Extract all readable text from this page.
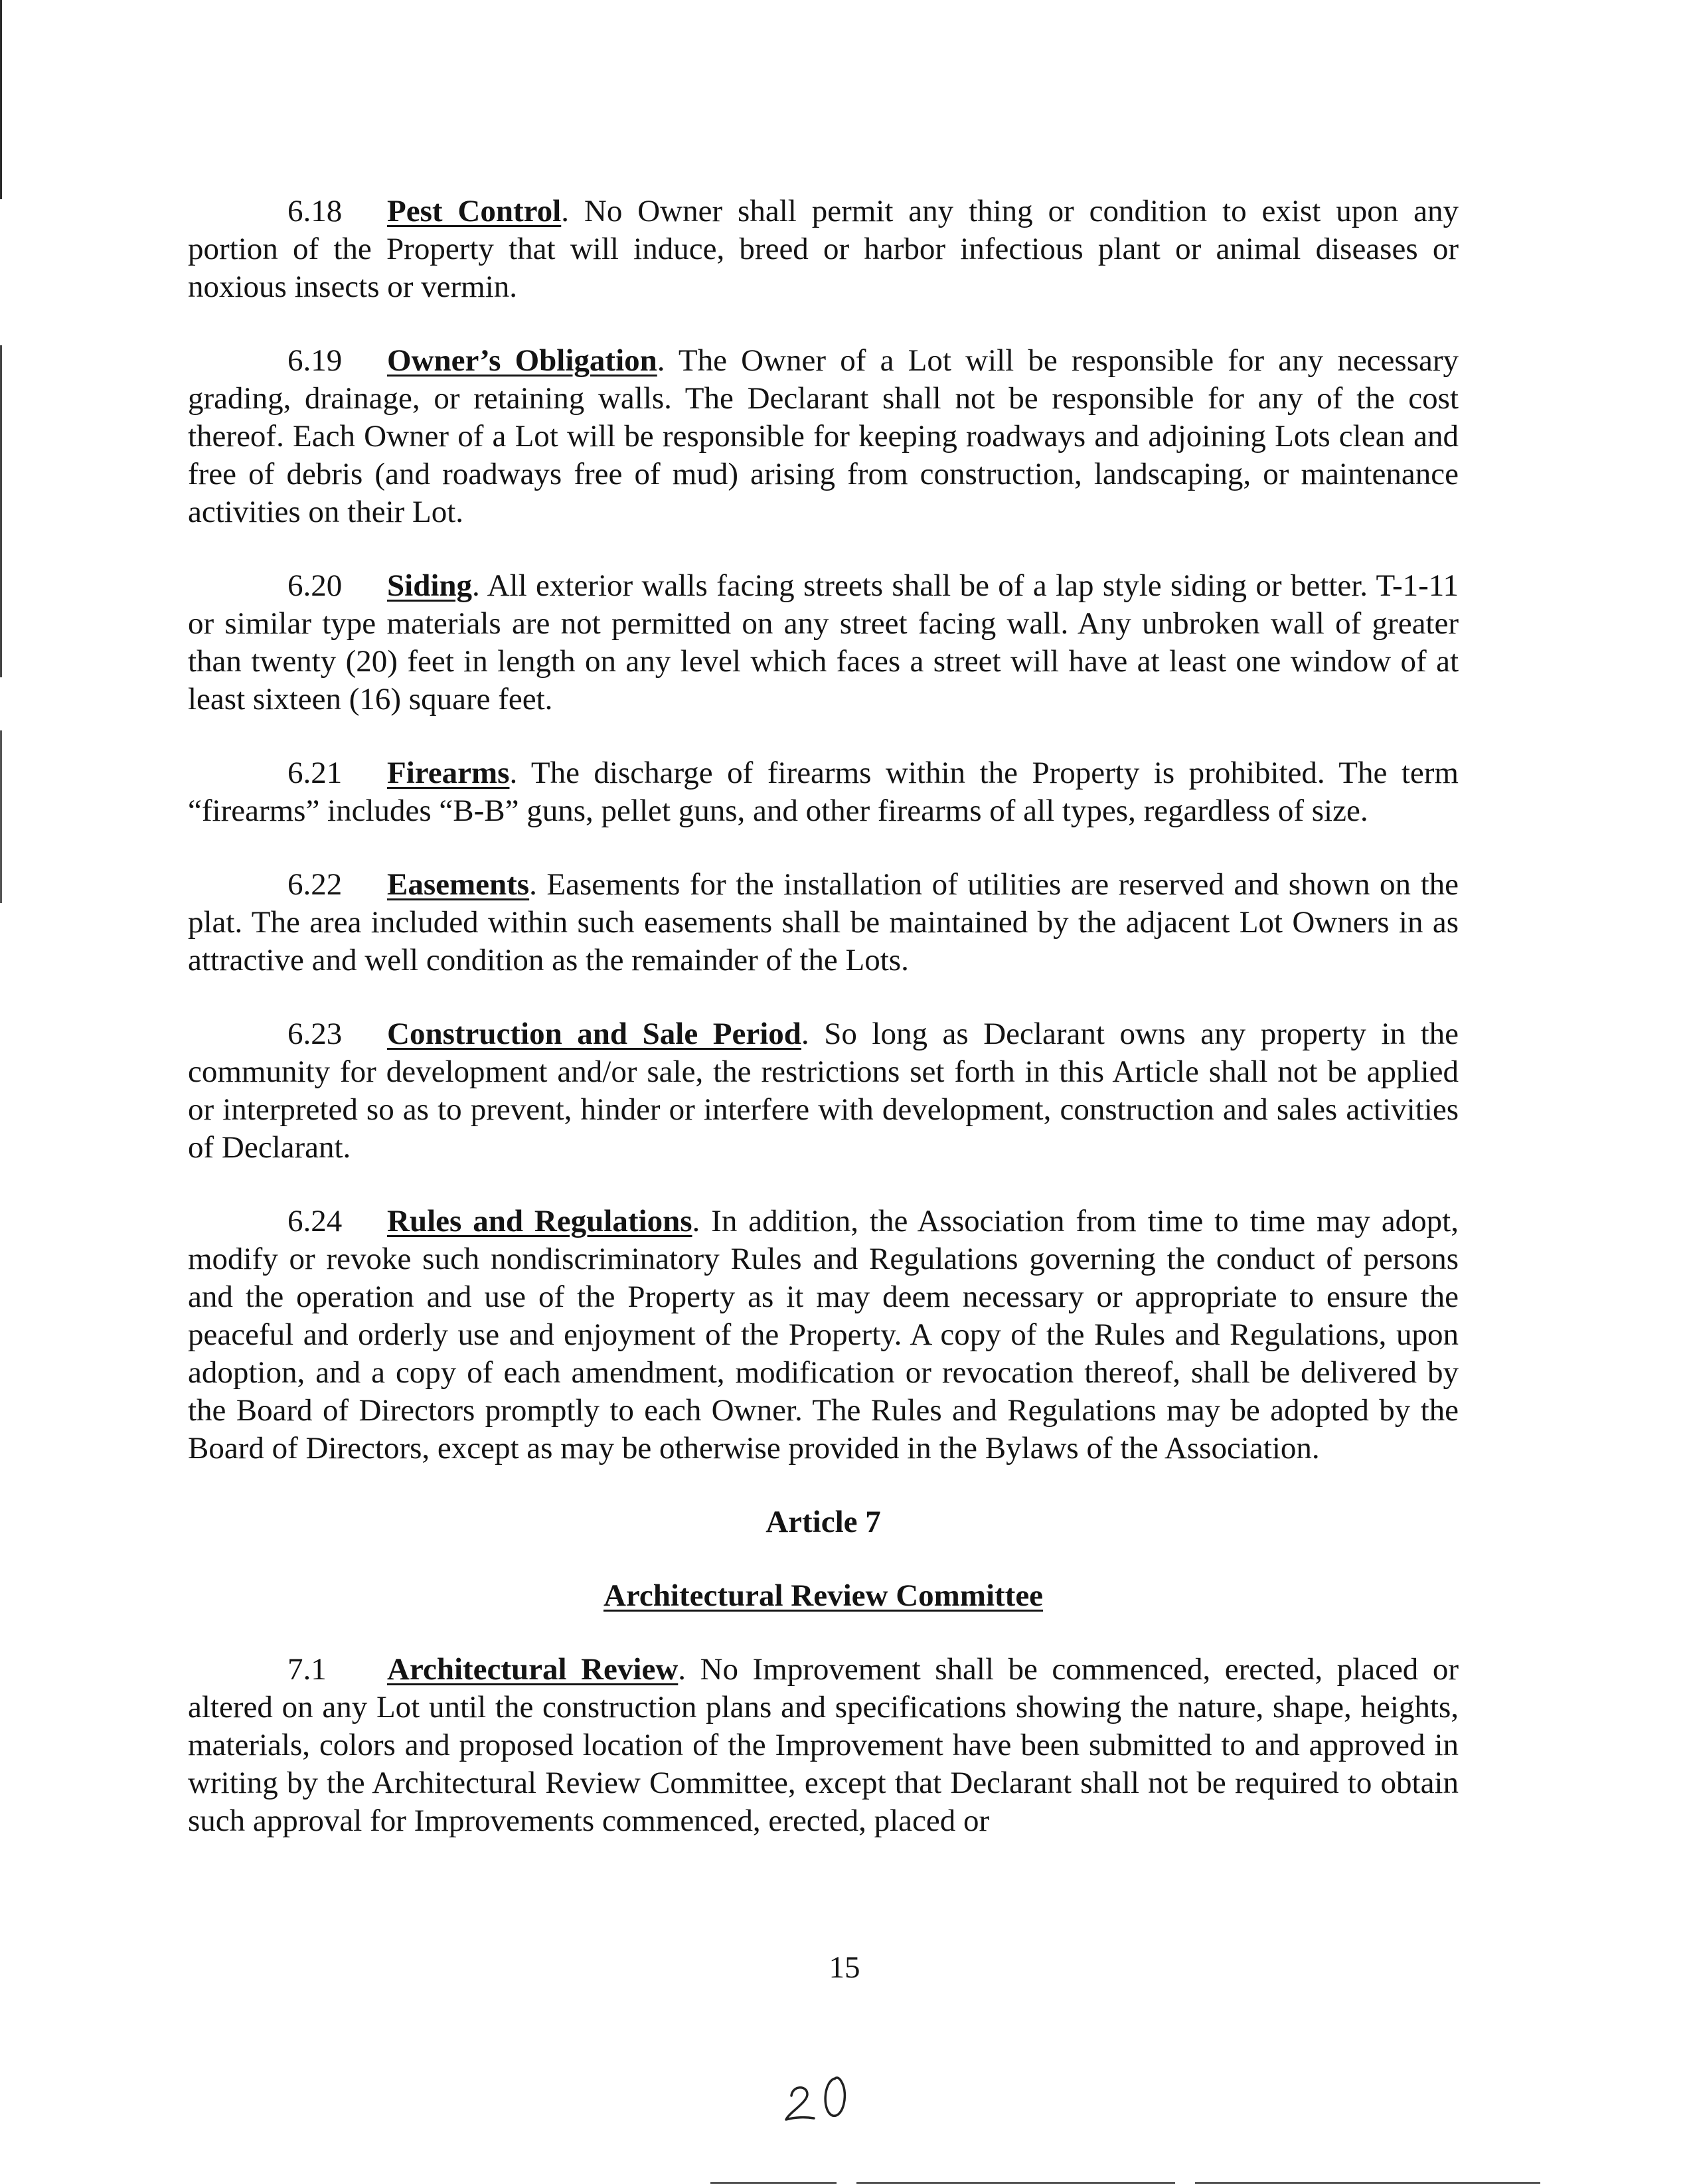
6.18 Pest Control. No Owner shall permit any thing or condition to exist upon any portion of the Property that will induce, breed or harbor infectious plant or animal diseases or noxious insects or vermin.

6.19 Owner’s Obligation. The Owner of a Lot will be responsible for any necessary grading, drainage, or retaining walls. The Declarant shall not be responsible for any of the cost thereof. Each Owner of a Lot will be responsible for keeping roadways and adjoining Lots clean and free of debris (and roadways free of mud) arising from construction, landscaping, or maintenance activities on their Lot.

6.20 Siding. All exterior walls facing streets shall be of a lap style siding or better. T-1-11 or similar type materials are not permitted on any street facing wall. Any unbroken wall of greater than twenty (20) feet in length on any level which faces a street will have at least one window of at least sixteen (16) square feet.

6.21 Firearms. The discharge of firearms within the Property is prohibited. The term “firearms” includes “B-B” guns, pellet guns, and other firearms of all types, regardless of size.

6.22 Easements. Easements for the installation of utilities are reserved and shown on the plat. The area included within such easements shall be maintained by the adjacent Lot Owners in as attractive and well condition as the remainder of the Lots.

6.23 Construction and Sale Period. So long as Declarant owns any property in the community for development and/or sale, the restrictions set forth in this Article shall not be applied or interpreted so as to prevent, hinder or interfere with development, construction and sales activities of Declarant.

6.24 Rules and Regulations. In addition, the Association from time to time may adopt, modify or revoke such nondiscriminatory Rules and Regulations governing the conduct of persons and the operation and use of the Property as it may deem necessary or appropriate to ensure the peaceful and orderly use and enjoyment of the Property. A copy of the Rules and Regulations, upon adoption, and a copy of each amendment, modification or revocation thereof, shall be delivered by the Board of Directors promptly to each Owner. The Rules and Regulations may be adopted by the Board of Directors, except as may be otherwise provided in the Bylaws of the Association.

Article 7
Architectural Review Committee

7.1 Architectural Review. No Improvement shall be commenced, erected, placed or altered on any Lot until the construction plans and specifications showing the nature, shape, heights, materials, colors and proposed location of the Improvement have been submitted to and approved in writing by the Architectural Review Committee, except that Declarant shall not be required to obtain such approval for Improvements commenced, erected, placed or

15
